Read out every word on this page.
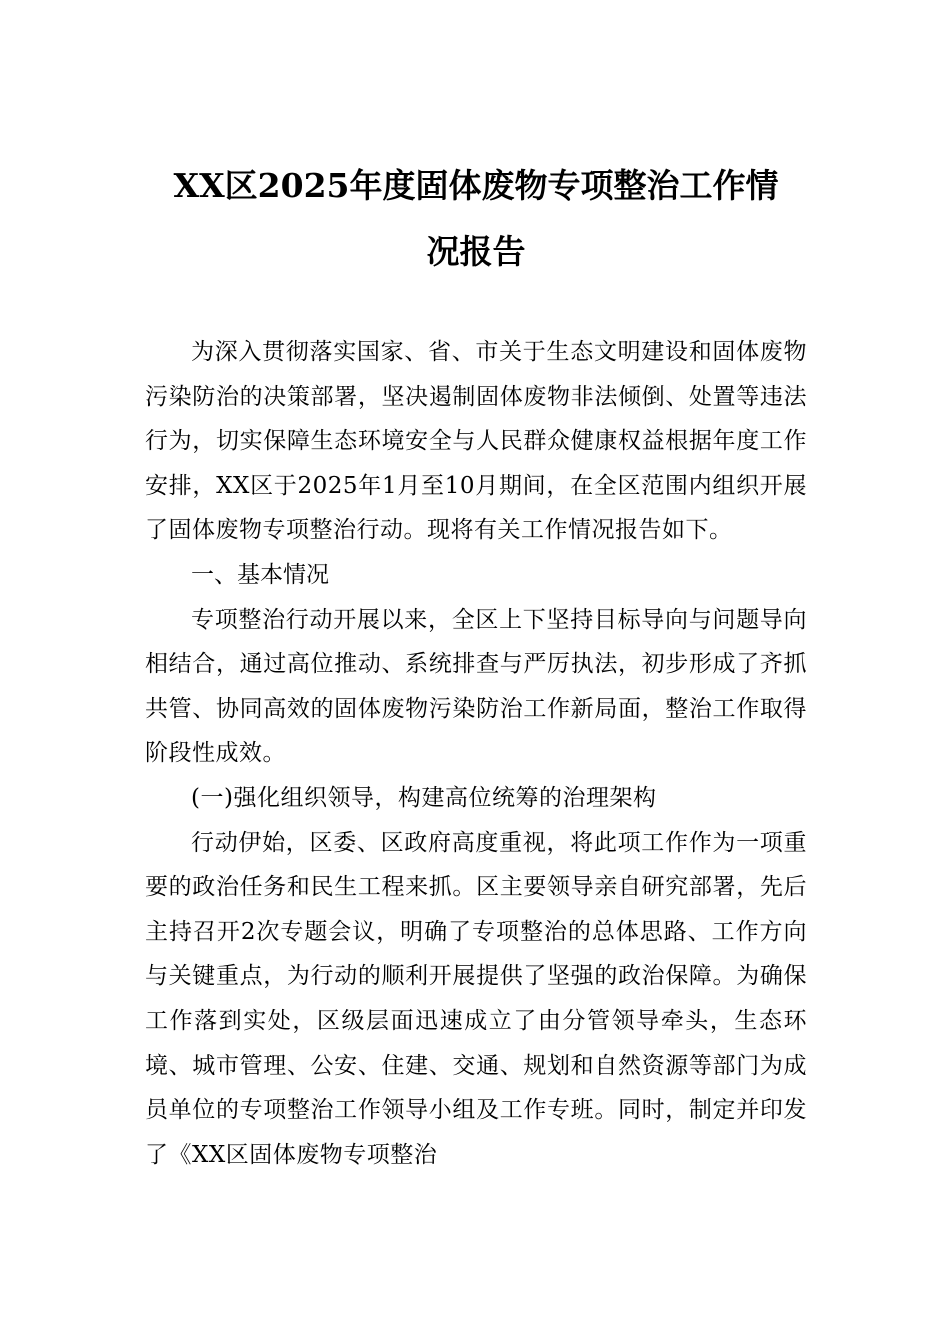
XX区2025年度固体废物专项整治工作情
况报告

为深入贯彻落实国家、省、市关于生态文明建设和固体废物污染防治的决策部署，坚决遏制固体废物非法倾倒、处置等违法行为，切实保障生态环境安全与人民群众健康权益根据年度工作安排，XX区于2025年1月至10月期间，在全区范围内组织开展了固体废物专项整治行动。现将有关工作情况报告如下。

一、基本情况

专项整治行动开展以来，全区上下坚持目标导向与问题导向相结合，通过高位推动、系统排查与严厉执法，初步形成了齐抓共管、协同高效的固体废物污染防治工作新局面，整治工作取得阶段性成效。

(一)强化组织领导，构建高位统筹的治理架构

行动伊始，区委、区政府高度重视，将此项工作作为一项重要的政治任务和民生工程来抓。区主要领导亲自研究部署，先后主持召开2次专题会议，明确了专项整治的总体思路、工作方向与关键重点，为行动的顺利开展提供了坚强的政治保障。为确保工作落到实处，区级层面迅速成立了由分管领导牵头，生态环境、城市管理、公安、住建、交通、规划和自然资源等部门为成员单位的专项整治工作领导小组及工作专班。同时，制定并印发了《XX区固体废物专项整治
